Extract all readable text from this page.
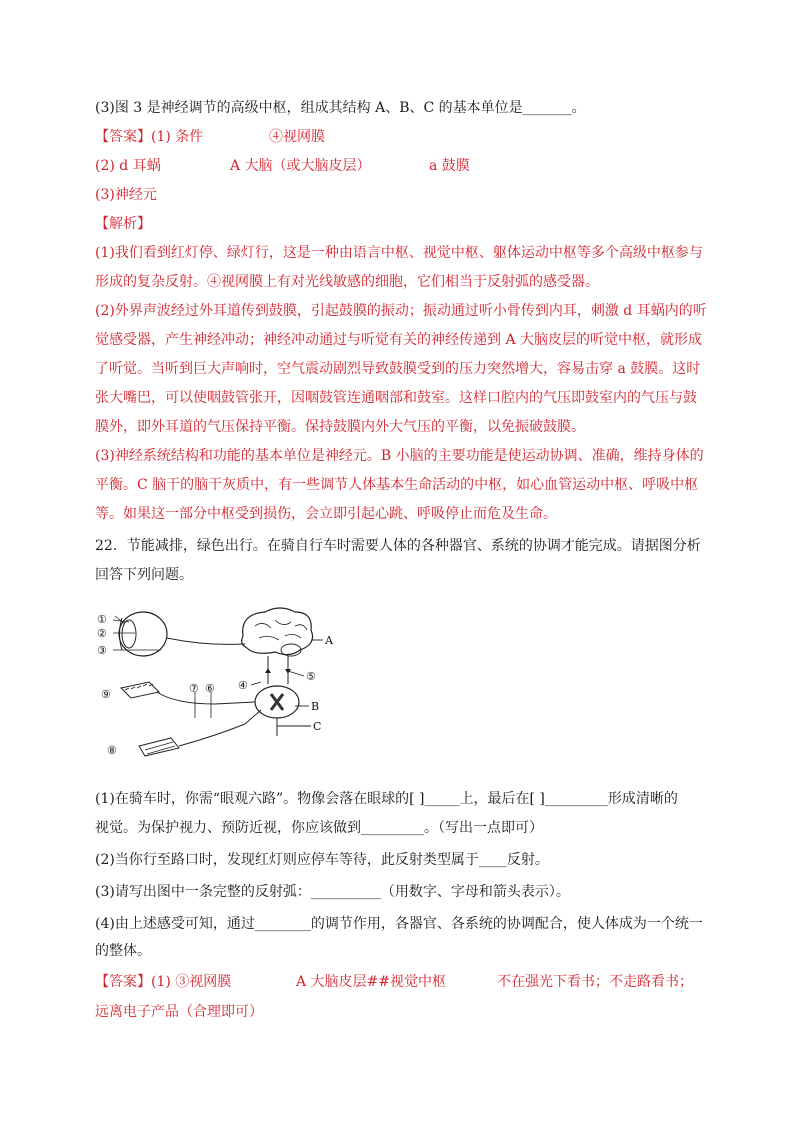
(3)图 3 是神经调节的高级中枢，组成其结构 A、B、C 的基本单位是_______。
【答案】(1) 条件	④视网膜
(2) d 耳蜗	A 大脑（或大脑皮层）	a 鼓膜
(3)神经元
【解析】
(1)我们看到红灯停、绿灯行，这是一种由语言中枢、视觉中枢、躯体运动中枢等多个高级中枢参与
形成的复杂反射。④视网膜上有对光线敏感的细胞，它们相当于反射弧的感受器。
(2)外界声波经过外耳道传到鼓膜，引起鼓膜的振动；振动通过听小骨传到内耳，刺激 d 耳蜗内的听
觉感受器，产生神经冲动；神经冲动通过与听觉有关的神经传递到 A 大脑皮层的听觉中枢，就形成
了听觉。当听到巨大声响时，空气震动剧烈导致鼓膜受到的压力突然增大，容易击穿 a 鼓膜。这时
张大嘴巴，可以使咽鼓管张开，因咽鼓管连通咽部和鼓室。这样口腔内的气压即鼓室内的气压与鼓
膜外，即外耳道的气压保持平衡。保持鼓膜内外大气压的平衡，以免振破鼓膜。
(3)神经系统结构和功能的基本单位是神经元。B 小脑的主要功能是使运动协调、准确，维持身体的
平衡。C 脑干的脑干灰质中，有一些调节人体基本生命活动的中枢，如心血管运动中枢、呼吸中枢
等。如果这一部分中枢受到损伤，会立即引起心跳、呼吸停止而危及生命。
22．节能减排，绿色出行。在骑自行车时需要人体的各种器官、系统的协调才能完成。请据图分析
回答下列问题。
①
②
③
A
④
⑤
⑨	⑦ ⑥
B
C
⑧
(1)在骑车时，你需“眼观六路”。物像会落在眼球的[ ]_____上，最后在[ ]_________形成清晰的
视觉。为保护视力、预防近视，你应该做到_________。（写出一点即可）
(2)当你行至路口时，发现红灯则应停车等待，此反射类型属于____反射。
(3)请写出图中一条完整的反射弧：__________（用数字、字母和箭头表示）。
(4)由上述感受可知，通过________的调节作用，各器官、各系统的协调配合，使人体成为一个统一
的整体。
【答案】(1) ③视网膜	A 大脑皮层##视觉中枢	不在强光下看书；不走路看书；
远离电子产品（合理即可）
